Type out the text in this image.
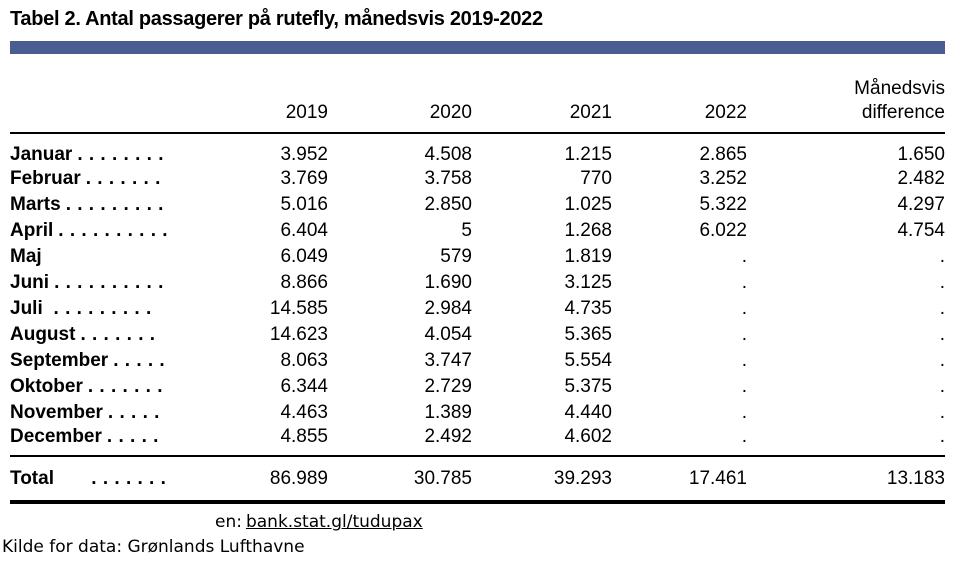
Tabel 2. Antal passagerer på rutefly, månedsvis 2019-2022
					Månedsvis
	2019	2020	2021	2022	difference
Januar . . . . . . . .	3.952	4.508	1.215	2.865	1.650
Februar . . . . . . .	3.769	3.758	770	3.252	2.482
Marts . . . . . . . . .	5.016	2.850	1.025	5.322	4.297
April . . . . . . . . . .	6.404	5	1.268	6.022	4.754
Maj	6.049	579	1.819	.	.
Juni . . . . . . . . . .	8.866	1.690	3.125	.	.
Juli . . . . . . . . .	14.585	2.984	4.735	.	.
August . . . . . . .	14.623	4.054	5.365	.	.
September . . . . .	8.063	3.747	5.554	.	.
Oktober . . . . . . .	6.344	2.729	5.375	.	.
November . . . . .	4.463	1.389	4.440	.	.
December . . . . .	4.855	2.492	4.602	.	.
Total . . . . . . .	86.989	30.785	39.293	17.461	13.183
en: bank.stat.gl/tudupax
Kilde for data: Grønlands Lufthavne
